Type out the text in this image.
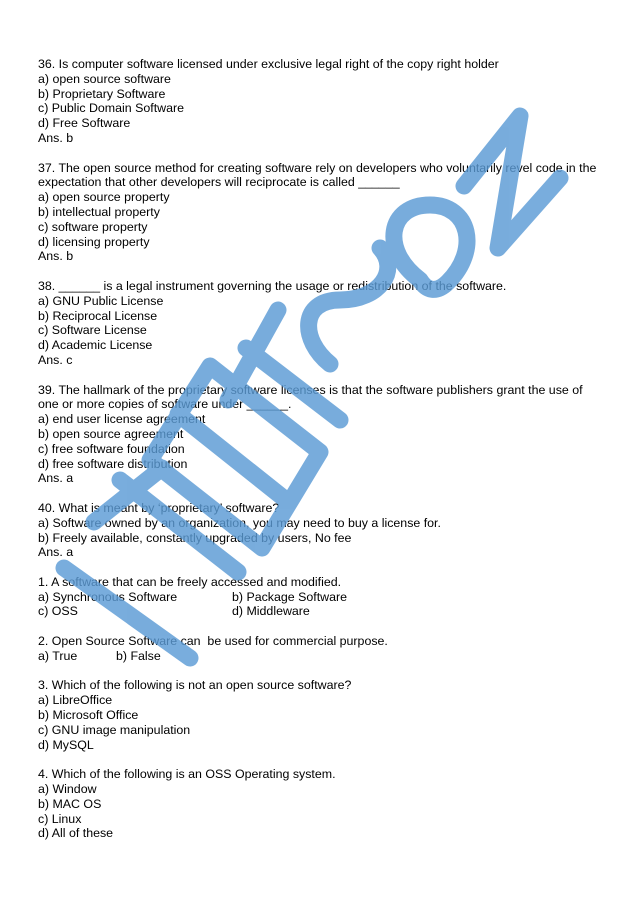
36. Is computer software licensed under exclusive legal right of the copy right holder
a) open source software
b) Proprietary Software
c) Public Domain Software
d) Free Software
Ans. b
37. The open source method for creating software rely on developers who voluntarily revel code in the expectation that other developers will reciprocate is called ______
a) open source property
b) intellectual property
c) software property
d) licensing property
Ans. b
38. ______ is a legal instrument governing the usage or redistribution of the software.
a) GNU Public License
b) Reciprocal License
c) Software License
d) Academic License
Ans. c
39. The hallmark of the proprietary software licenses is that the software publishers grant the use of one or more copies of software under ______.
a) end user license agreement
b) open source agreement
c) free software foundation
d) free software distribution
Ans. a
40. What is meant by ‘proprietary’ software?
a) Software owned by an organization, you may need to buy a license for.
b) Freely available, constantly upgraded by users, No fee
Ans. a
1. A software that can be freely accessed and modified.
a) Synchronous Software	b) Package Software
c) OSS	d) Middleware
2. Open Source Software can  be used for commercial purpose.
a) True	b) False
3. Which of the following is not an open source software?
a) LibreOffice
b) Microsoft Office
c) GNU image manipulation
d) MySQL
4. Which of the following is an OSS Operating system.
a) Window
b) MAC OS
c) Linux
d) All of these
